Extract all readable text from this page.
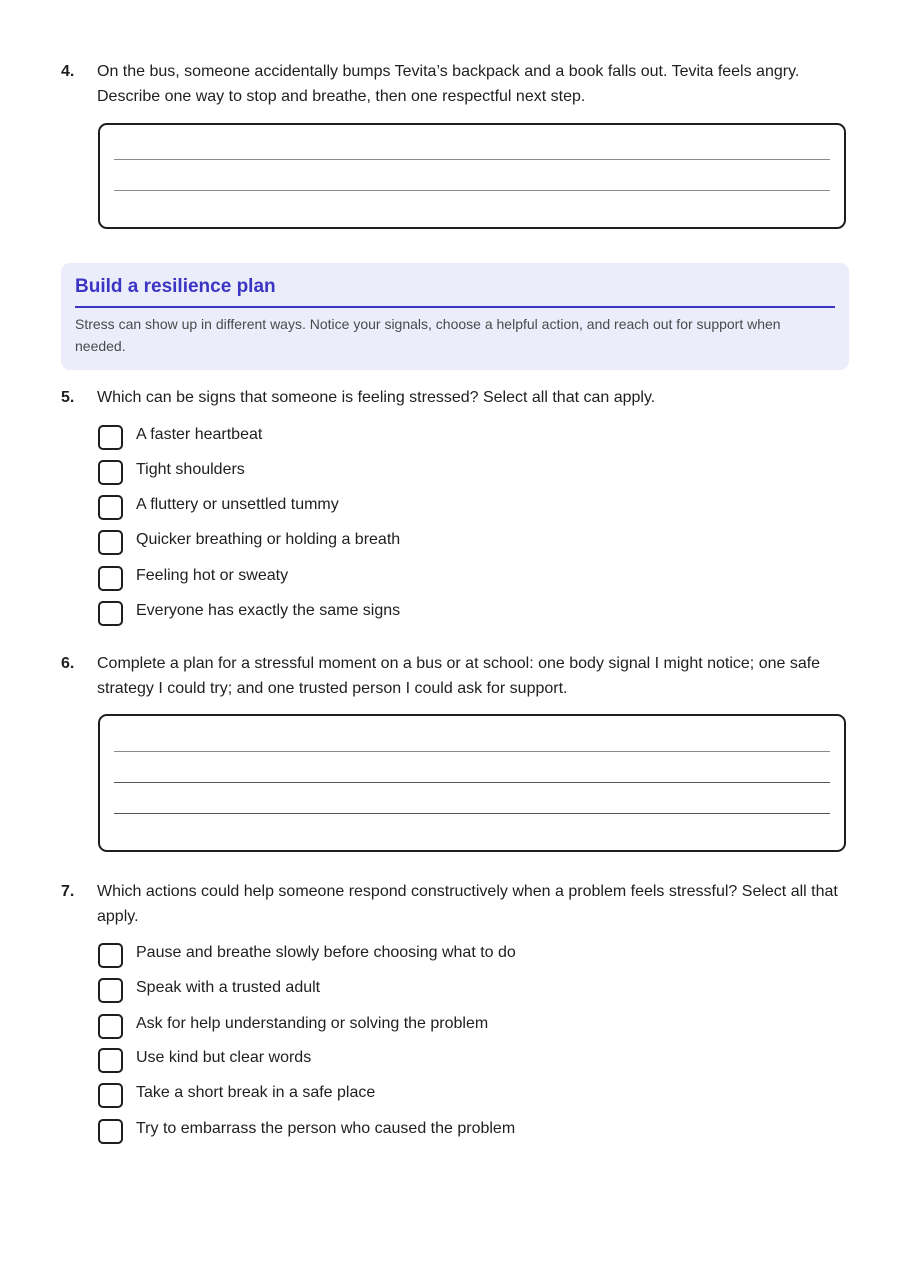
4. On the bus, someone accidentally bumps Tevita’s backpack and a book falls out. Tevita feels angry. Describe one way to stop and breathe, then one respectful next step.
Build a resilience plan
Stress can show up in different ways. Notice your signals, choose a helpful action, and reach out for support when needed.
5. Which can be signs that someone is feeling stressed? Select all that can apply.
A faster heartbeat
Tight shoulders
A fluttery or unsettled tummy
Quicker breathing or holding a breath
Feeling hot or sweaty
Everyone has exactly the same signs
6. Complete a plan for a stressful moment on a bus or at school: one body signal I might notice; one safe strategy I could try; and one trusted person I could ask for support.
7. Which actions could help someone respond constructively when a problem feels stressful? Select all that apply.
Pause and breathe slowly before choosing what to do
Speak with a trusted adult
Ask for help understanding or solving the problem
Use kind but clear words
Take a short break in a safe place
Try to embarrass the person who caused the problem
